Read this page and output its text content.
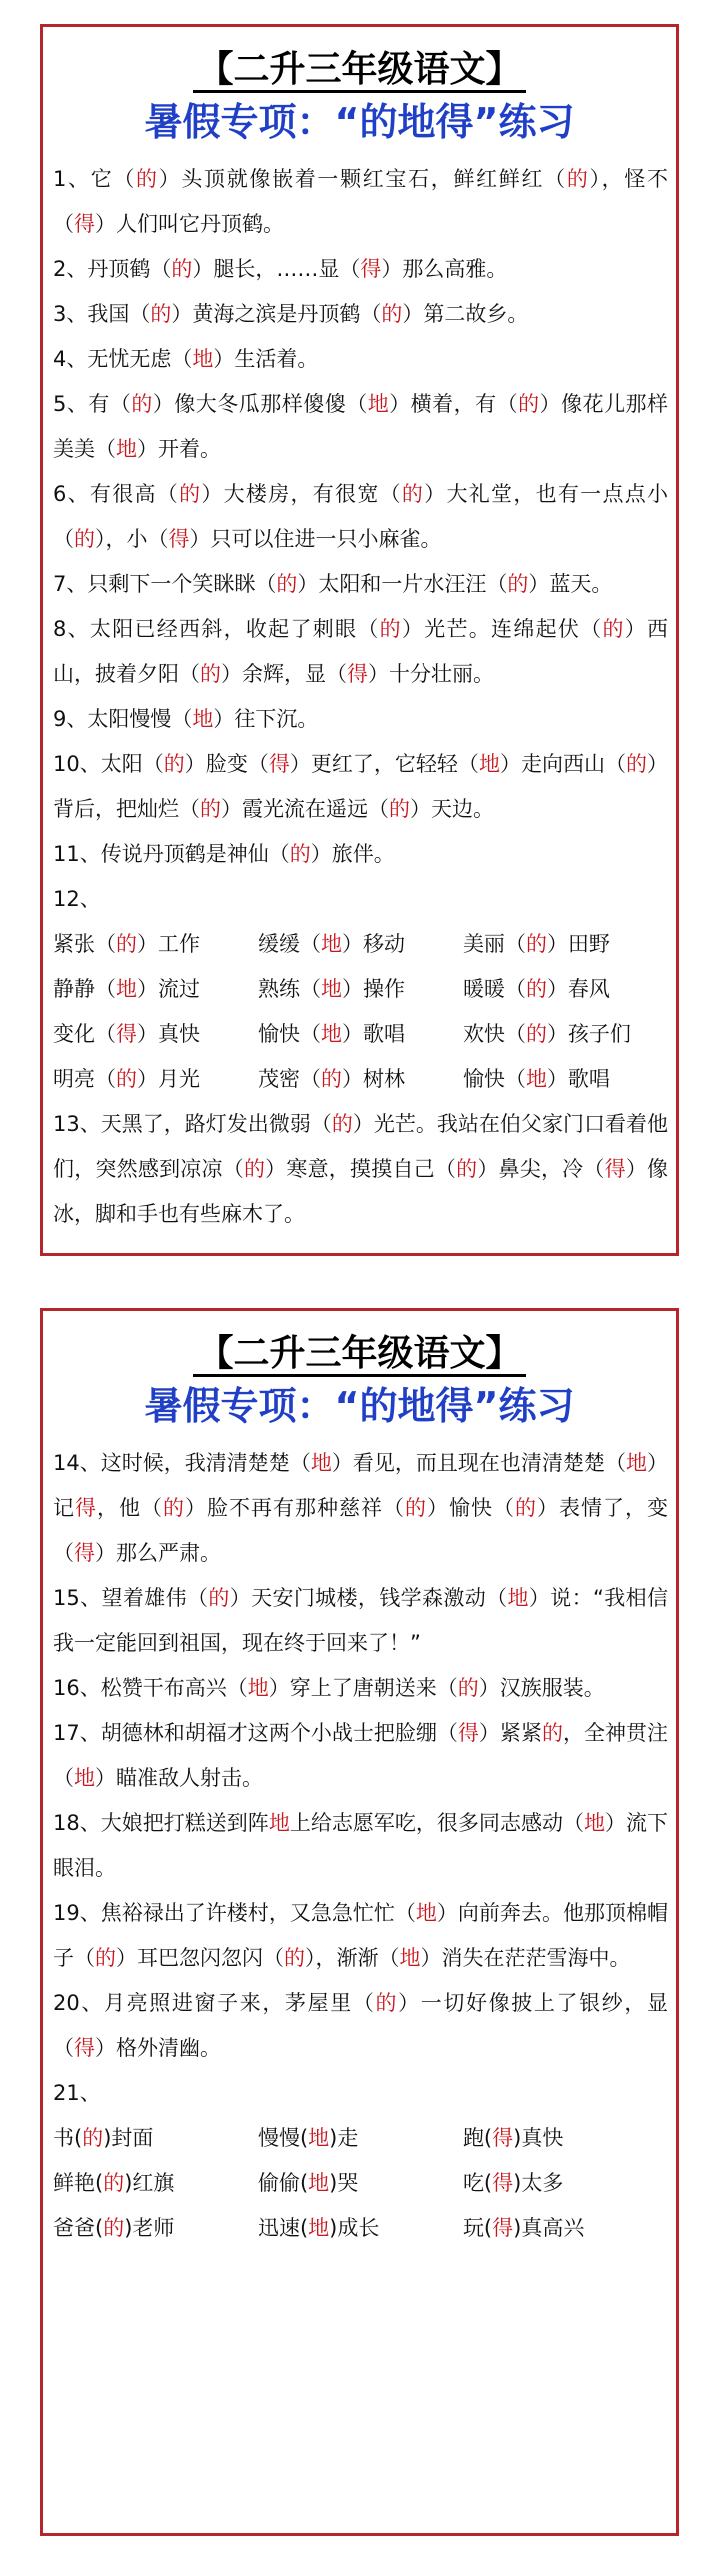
【二升三年级语文】
暑假专项：“的地得”练习
1、它（的）头顶就像嵌着一颗红宝石，鲜红鲜红（的），怪不（得）人们叫它丹顶鹤。
2、丹顶鹤（的）腿长，……显（得）那么高雅。
3、我国（的）黄海之滨是丹顶鹤（的）第二故乡。
4、无忧无虑（地）生活着。
5、有（的）像大冬瓜那样傻傻（地）横着，有（的）像花儿那样美美（地）开着。
6、有很高（的）大楼房，有很宽（的）大礼堂，也有一点点小（的），小（得）只可以住进一只小麻雀。
7、只剩下一个笑眯眯（的）太阳和一片水汪汪（的）蓝天。
8、太阳已经西斜，收起了刺眼（的）光芒。连绵起伏（的）西山，披着夕阳（的）余辉，显（得）十分壮丽。
9、太阳慢慢（地）往下沉。
10、太阳（的）脸变（得）更红了，它轻轻（地）走向西山（的）背后，把灿烂（的）霞光流在遥远（的）天边。
11、传说丹顶鹤是神仙（的）旅伴。
12、
紧张（的）工作	缓缓（地）移动	美丽（的）田野
静静（地）流过	熟练（地）操作	暖暖（的）春风
变化（得）真快	愉快（地）歌唱	欢快（的）孩子们
明亮（的）月光	茂密（的）树林	愉快（地）歌唱
13、天黑了，路灯发出微弱（的）光芒。我站在伯父家门口看着他们，突然感到凉凉（的）寒意，摸摸自己（的）鼻尖，冷（得）像冰，脚和手也有些麻木了。
【二升三年级语文】
暑假专项：“的地得”练习
14、这时候，我清清楚楚（地）看见，而且现在也清清楚楚（地）记得，他（的）脸不再有那种慈祥（的）愉快（的）表情了，变（得）那么严肃。
15、望着雄伟（的）天安门城楼，钱学森激动（地）说：“我相信我一定能回到祖国，现在终于回来了！”
16、松赞干布高兴（地）穿上了唐朝送来（的）汉族服装。
17、胡德林和胡福才这两个小战士把脸绷（得）紧紧的，全神贯注（地）瞄准敌人射击。
18、大娘把打糕送到阵地上给志愿军吃，很多同志感动（地）流下眼泪。
19、焦裕禄出了许楼村，又急急忙忙（地）向前奔去。他那顶棉帽子（的）耳巴忽闪忽闪（的），渐渐（地）消失在茫茫雪海中。
20、月亮照进窗子来，茅屋里（的）一切好像披上了银纱，显（得）格外清幽。
21、
书(的)封面	慢慢(地)走	跑(得)真快
鲜艳(的)红旗	偷偷(地)哭	吃(得)太多
爸爸(的)老师	迅速(地)成长	玩(得)真高兴
